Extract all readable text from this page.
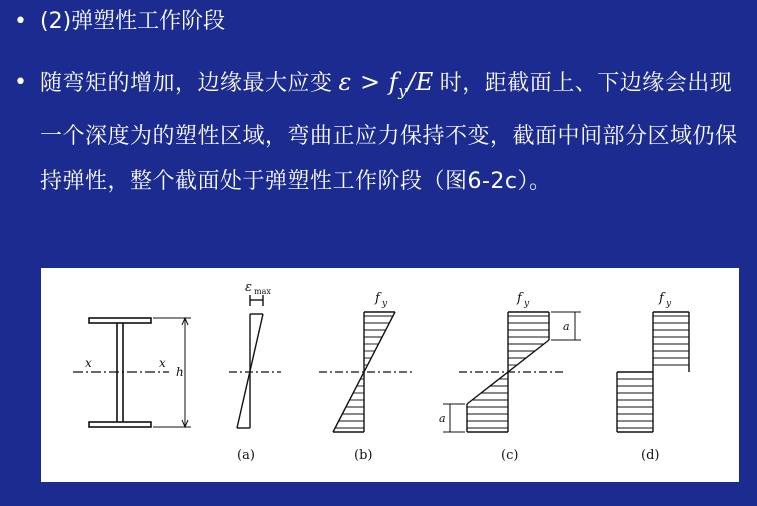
• (2)弹塑性工作阶段
• 随弯矩的增加，边缘最大应变 $\varepsilon > f_y/E$ 时，距截面上、下边缘会出现一个深度为的塑性区域，弯曲正应力保持不变，截面中间部分区域仍保持弹性，整个截面处于弹塑性工作阶段（图6-2c）。
x	x
h
ε max	f y
a
a
f y	f y
(a)	(b)	(c)	(d)
